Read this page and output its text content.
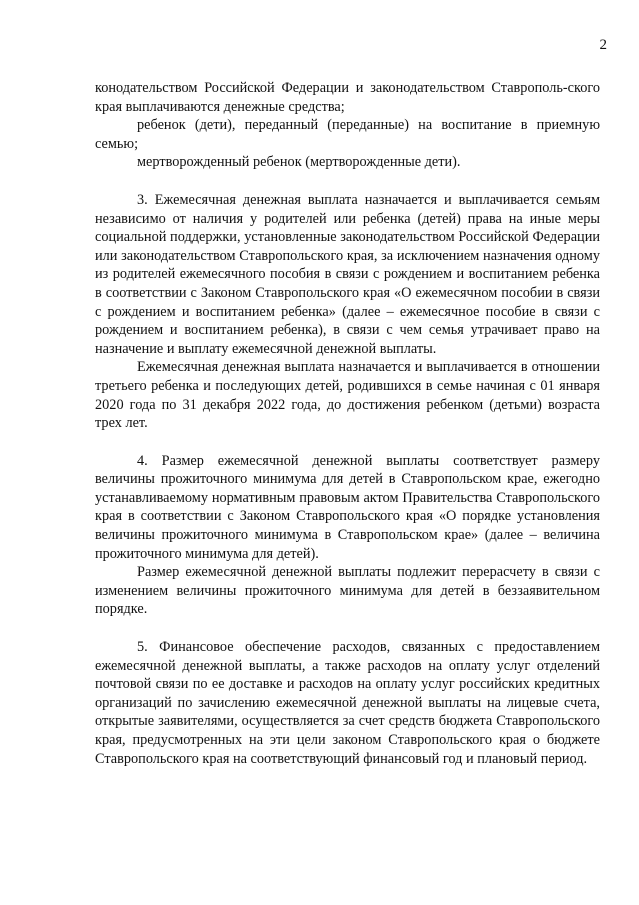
2

конодательством Российской Федерации и законодательством Ставрополь-ского края выплачиваются денежные средства;

ребенок (дети), переданный (переданные) на воспитание в приемную семью;

мертворожденный ребенок (мертворожденные дети).

3. Ежемесячная денежная выплата назначается и выплачивается семьям независимо от наличия у родителей или ребенка (детей) права на иные меры социальной поддержки, установленные законодательством Российской Федерации или законодательством Ставропольского края, за исключением назначения одному из родителей ежемесячного пособия в связи с рождением и воспитанием ребенка в соответствии с Законом Ставропольского края «О ежемесячном пособии в связи с рождением и воспитанием ребенка» (далее – ежемесячное пособие в связи с рождением и воспитанием ребенка), в связи с чем семья утрачивает право на назначение и выплату ежемесячной денежной выплаты.

Ежемесячная денежная выплата назначается и выплачивается в отношении третьего ребенка и последующих детей, родившихся в семье начиная с 01 января 2020 года по 31 декабря 2022 года, до достижения ребенком (детьми) возраста трех лет.

4. Размер ежемесячной денежной выплаты соответствует размеру величины прожиточного минимума для детей в Ставропольском крае, ежегодно устанавливаемому нормативным правовым актом Правительства Ставропольского края в соответствии с Законом Ставропольского края «О порядке установления величины прожиточного минимума в Ставропольском крае» (далее – величина прожиточного минимума для детей).

Размер ежемесячной денежной выплаты подлежит перерасчету в связи с изменением величины прожиточного минимума для детей в беззаявительном порядке.

5. Финансовое обеспечение расходов, связанных с предоставлением ежемесячной денежной выплаты, а также расходов на оплату услуг отделений почтовой связи по ее доставке и расходов на оплату услуг российских кредитных организаций по зачислению ежемесячной денежной выплаты на лицевые счета, открытые заявителями, осуществляется за счет средств бюджета Ставропольского края, предусмотренных на эти цели законом Ставропольского края о бюджете Ставропольского края на соответствующий финансовый год и плановый период.
